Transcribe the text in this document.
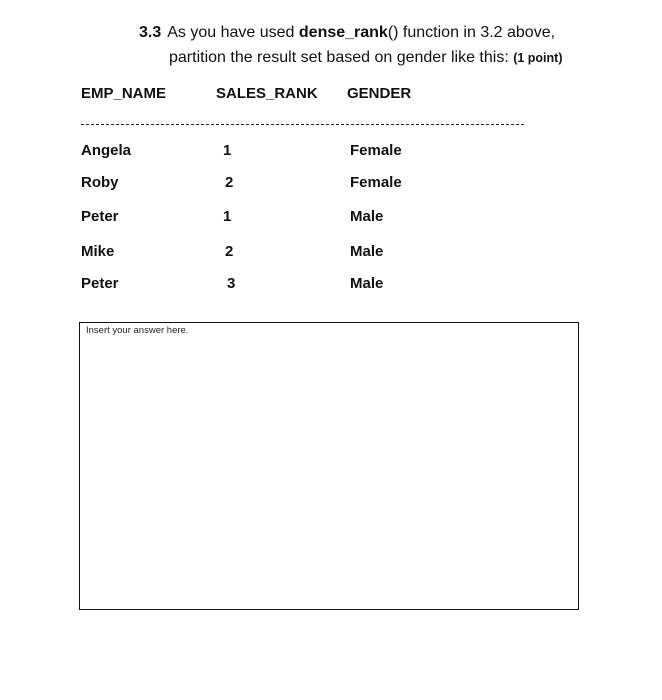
3.3 As you have used dense_rank() function in 3.2 above,
partition the result set based on gender like this: (1 point)
EMP_NAME	SALES_RANK GENDER
Angela	1	Female
Roby	2	Female
Peter	1	Male
Mike	2	Male
Peter	3	Male
Insert your answer here.
